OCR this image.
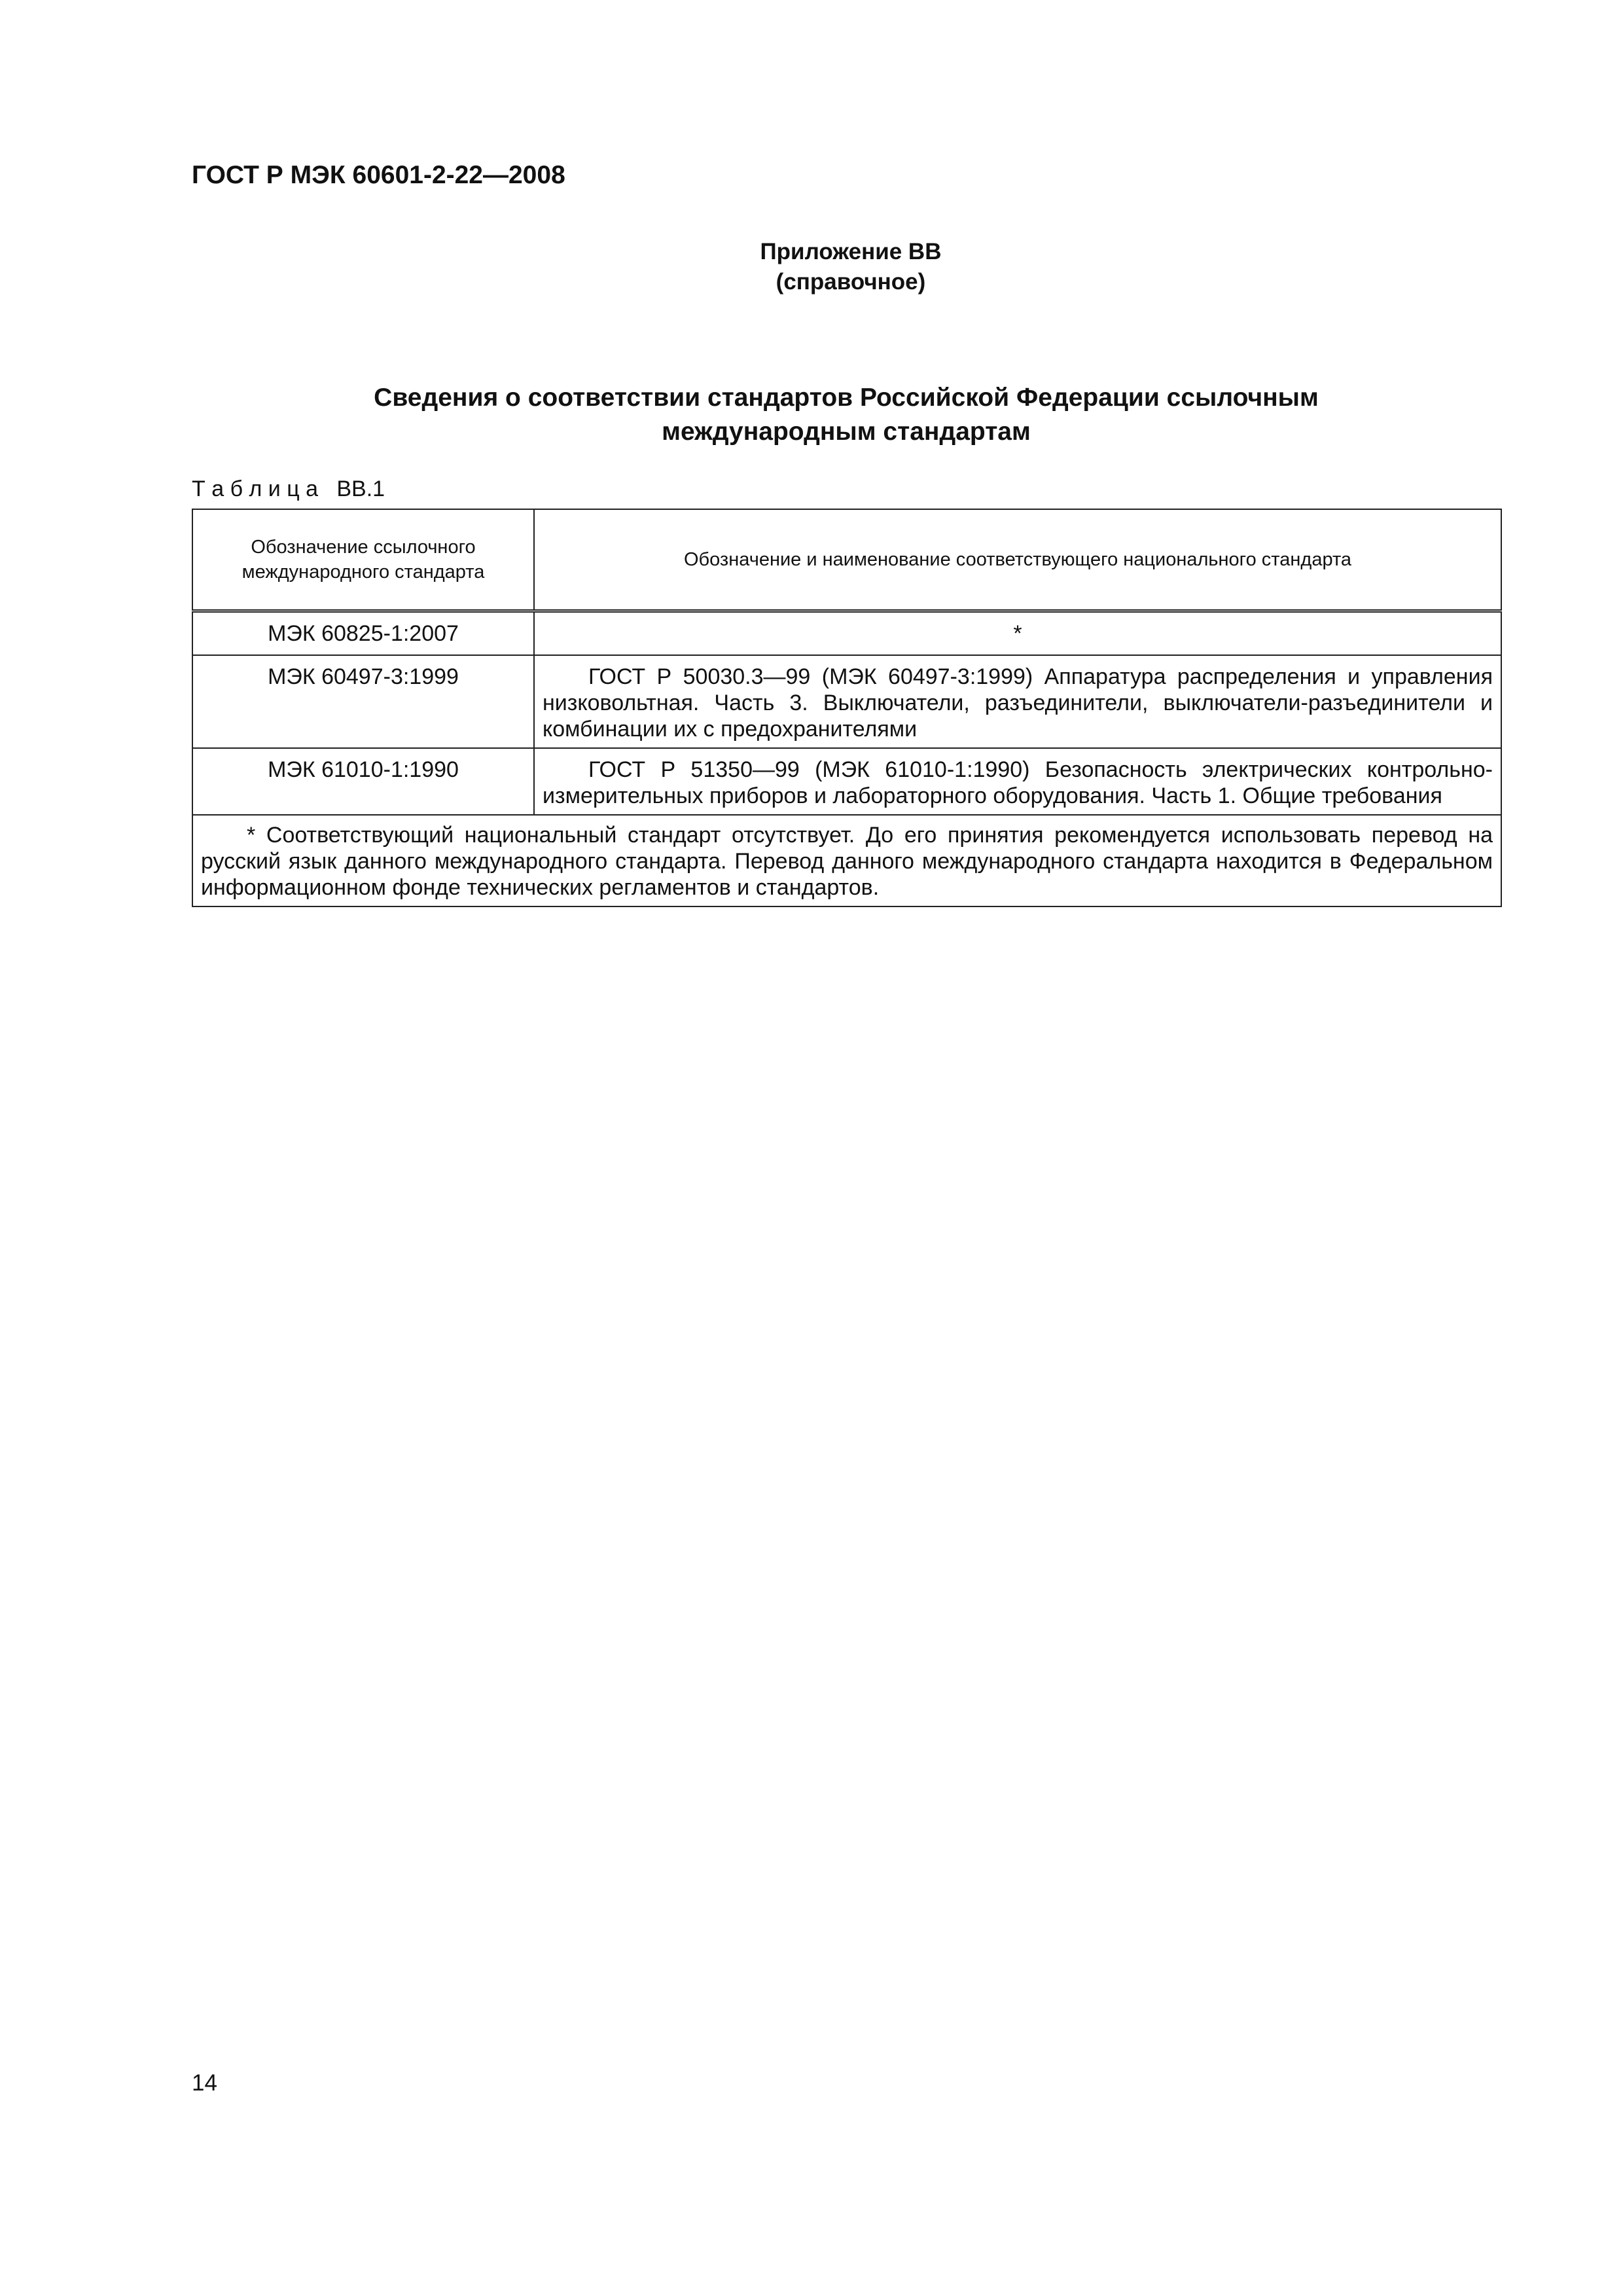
ГОСТ Р МЭК 60601-2-22—2008
Приложение ВВ
(справочное)
Сведения о соответствии стандартов Российской Федерации ссылочным
международным стандартам
Т а б л и ц а   ВВ.1
Обозначение ссылочного международного стандарта	Обозначение и наименование соответствующего национального стандарта
МЭК 60825-1:2007	*
МЭК 60497-3:1999	ГОСТ Р 50030.3—99 (МЭК 60497-3:1999) Аппаратура распределения и управления низковольтная. Часть 3. Выключатели, разъединители, выключатели-разъединители и комбинации их с предохранителями
МЭК 61010-1:1990	ГОСТ Р 51350—99 (МЭК 61010-1:1990) Безопасность электрических контрольно-измерительных приборов и лабораторного оборудования. Часть 1. Общие требования
* Соответствующий национальный стандарт отсутствует. До его принятия рекомендуется использовать перевод на русский язык данного международного стандарта. Перевод данного международного стандарта находится в Федеральном информационном фонде технических регламентов и стандартов.	
14
